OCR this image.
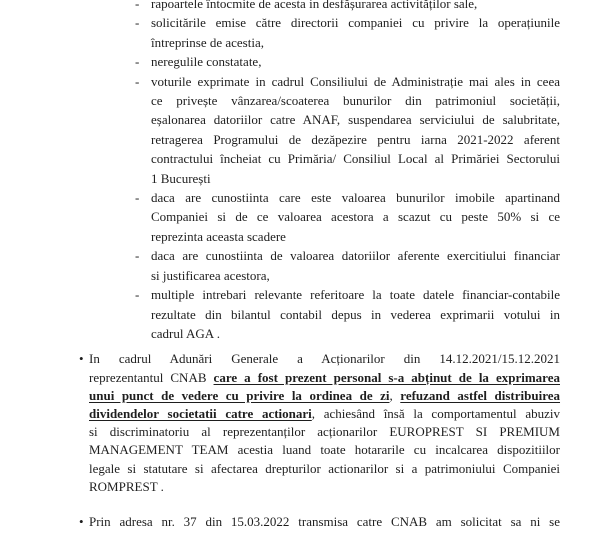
- rapoartele întocmite de acesta in desfășurarea activităților sale,
- solicitările emise către directorii companiei cu privire la operațiunile
întreprinse de acestia,
- neregulile constatate,
- voturile exprimate in cadrul Consiliului de Administrație mai ales in ceea
ce privește vânzarea/scoaterea bunurilor din patrimoniul societății,
eșalonarea datoriilor catre ANAF, suspendarea serviciului de salubritate,
retragerea Programului de dezăpezire pentru iarna 2021-2022 aferent
contractului încheiat cu Primăria/ Consiliul Local al Primăriei Sectorului
1 București
- daca are cunostiinta care este valoarea bunurilor imobile apartinand
Companiei si de ce valoarea acestora a scazut cu peste 50% si ce
reprezinta aceasta scadere
- daca are cunostiinta de valoarea datoriilor aferente exercitiului financiar
si justificarea acestora,
- multiple intrebari relevante referitoare la toate datele financiar-contabile
rezultate din bilantul contabil depus in vederea exprimarii votului in
cadrul AGA .
• In cadrul Adunări Generale a Acționarilor din 14.12.2021/15.12.2021
reprezentantul CNAB care a fost prezent personal s-a abținut de la exprimarea
unui punct de vedere cu privire la ordinea de zi, refuzand astfel distribuirea
dividendelor societatii catre actionari, achiesând însă la comportamentul abuziv
si discriminatoriu al reprezentanților acționarilor EUROPREST SI PREMIUM
MANAGEMENT TEAM acestia luand toate hotararile cu incalcarea dispozitiilor
legale si statutare si afectarea drepturilor actionarilor si a patrimoniului Companiei
ROMPREST .
• Prin adresa nr. 37 din 15.03.2022 transmisa catre CNAB am solicitat sa ni se
